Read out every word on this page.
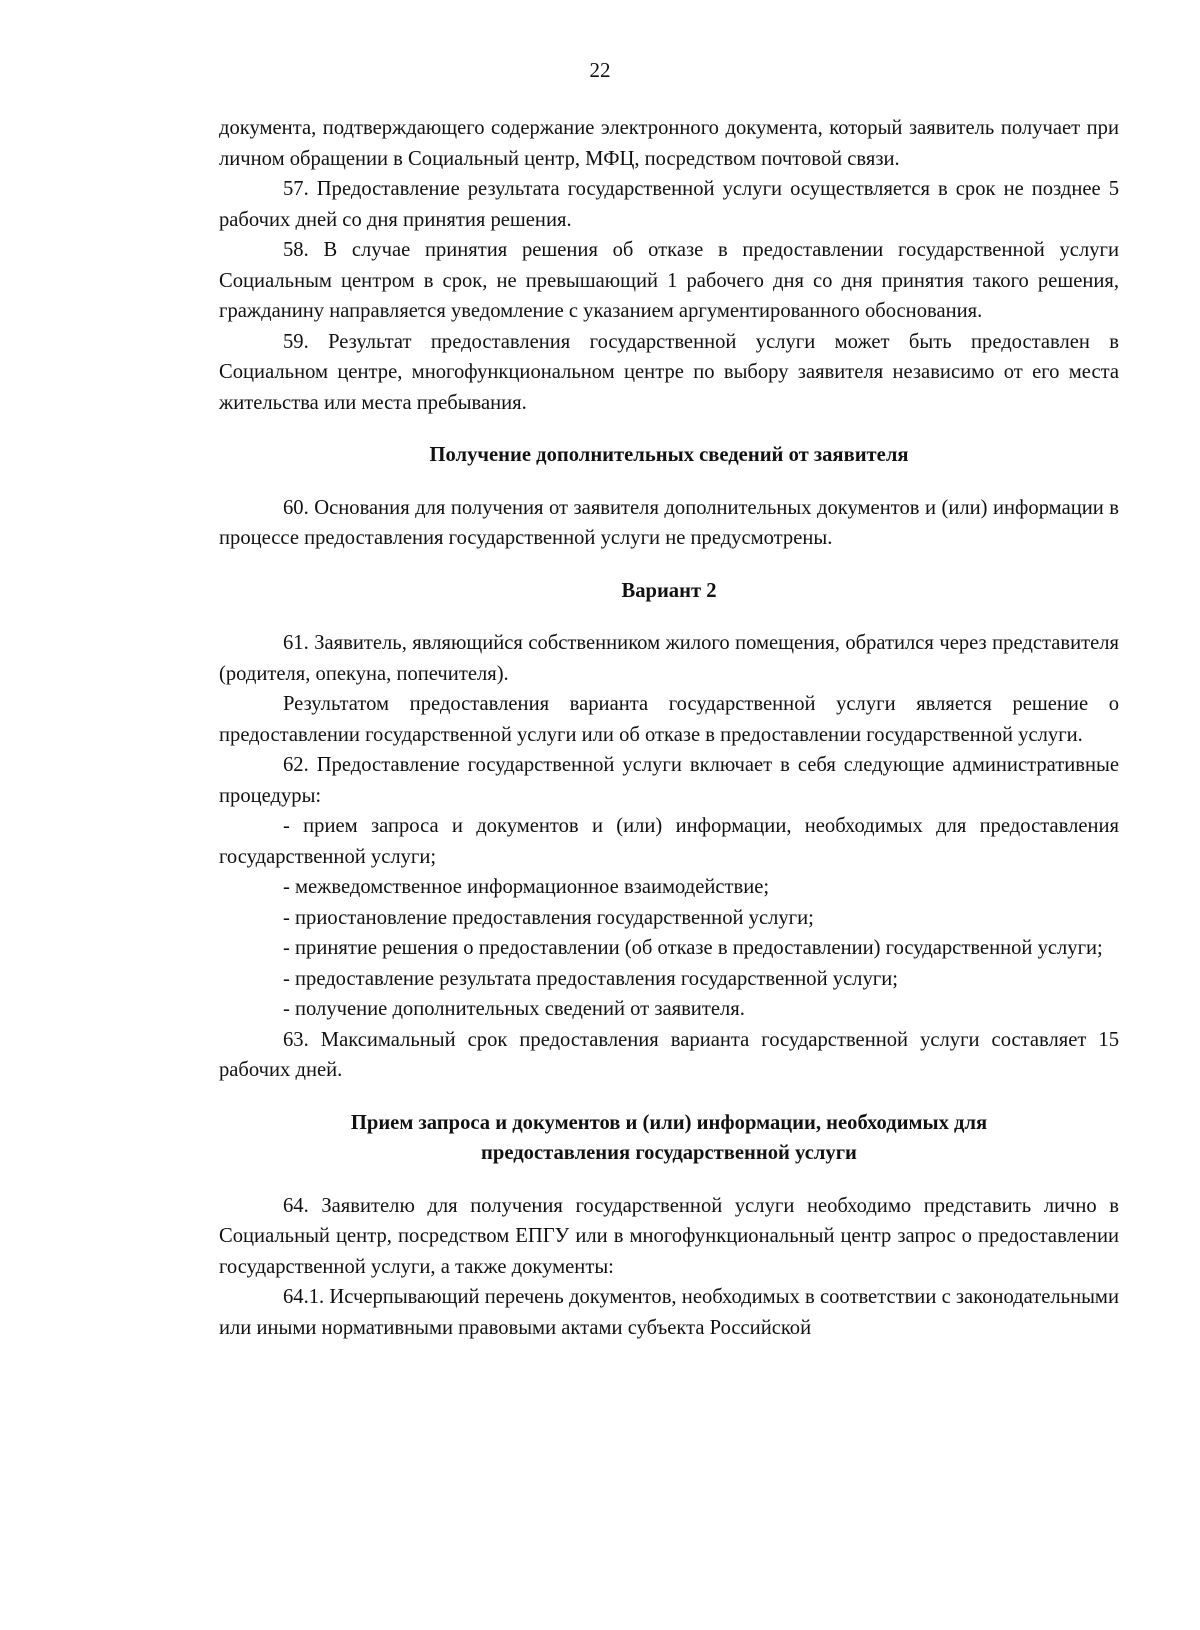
22

документа, подтверждающего содержание электронного документа, который заявитель получает при личном обращении в Социальный центр, МФЦ, посредством почтовой связи.

57. Предоставление результата государственной услуги осуществляется в срок не позднее 5 рабочих дней со дня принятия решения.

58. В случае принятия решения об отказе в предоставлении государственной услуги Социальным центром в срок, не превышающий 1 рабочего дня со дня принятия такого решения, гражданину направляется уведомление с указанием аргументированного обоснования.

59. Результат предоставления государственной услуги может быть предоставлен в Социальном центре, многофункциональном центре по выбору заявителя независимо от его места жительства или места пребывания.

Получение дополнительных сведений от заявителя

60. Основания для получения от заявителя дополнительных документов и (или) информации в процессе предоставления государственной услуги не предусмотрены.

Вариант 2

61. Заявитель, являющийся собственником жилого помещения, обратился через представителя (родителя, опекуна, попечителя).

Результатом предоставления варианта государственной услуги является решение о предоставлении государственной услуги или об отказе в предоставлении государственной услуги.

62. Предоставление государственной услуги включает в себя следующие административные процедуры:

- прием запроса и документов и (или) информации, необходимых для предоставления государственной услуги;

- межведомственное информационное взаимодействие;

- приостановление предоставления государственной услуги;

- принятие решения о предоставлении (об отказе в предоставлении) государственной услуги;

- предоставление результата предоставления государственной услуги;

- получение дополнительных сведений от заявителя.

63. Максимальный срок предоставления варианта государственной услуги составляет 15 рабочих дней.

Прием запроса и документов и (или) информации, необходимых для

предоставления государственной услуги

64. Заявителю для получения государственной услуги необходимо представить лично в Социальный центр, посредством ЕПГУ или в многофункциональный центр запрос о предоставлении государственной услуги, а также документы:

64.1. Исчерпывающий перечень документов, необходимых в соответствии с законодательными или иными нормативными правовыми актами субъекта Российской
